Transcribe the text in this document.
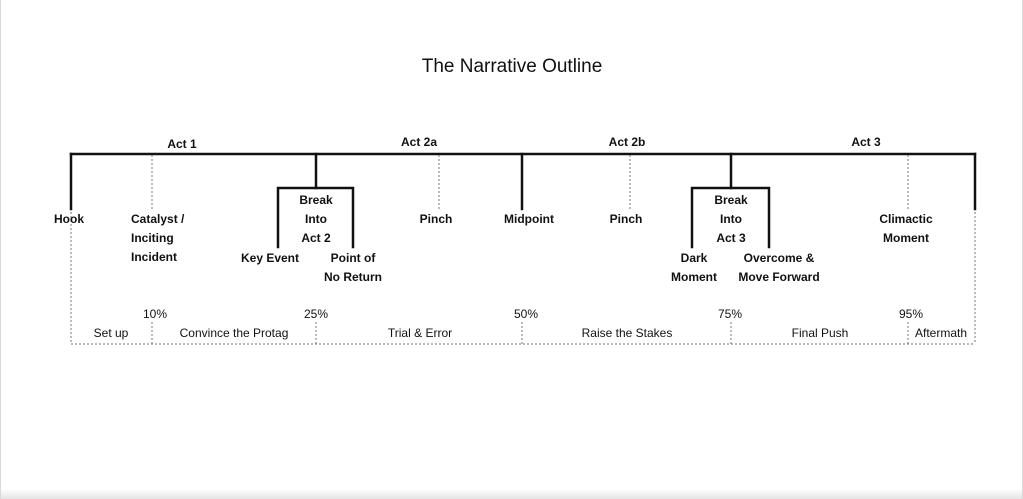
The Narrative Outline
Act 1	Act 2a	Act 2b	Act 3
Hook	Catalyst /
Inciting
Incident
Break
Into
Act 2
Key Event	Point of
No Return
Pinch	Midpoint	Pinch
Break
Into
Act 3
Dark
Moment
Overcome &
Move Forward
Climactic
Moment
10%	25%	50%	75%	95%
Set up	Convince the Protag	Trial & Error	Raise the Stakes	Final Push	Aftermath
